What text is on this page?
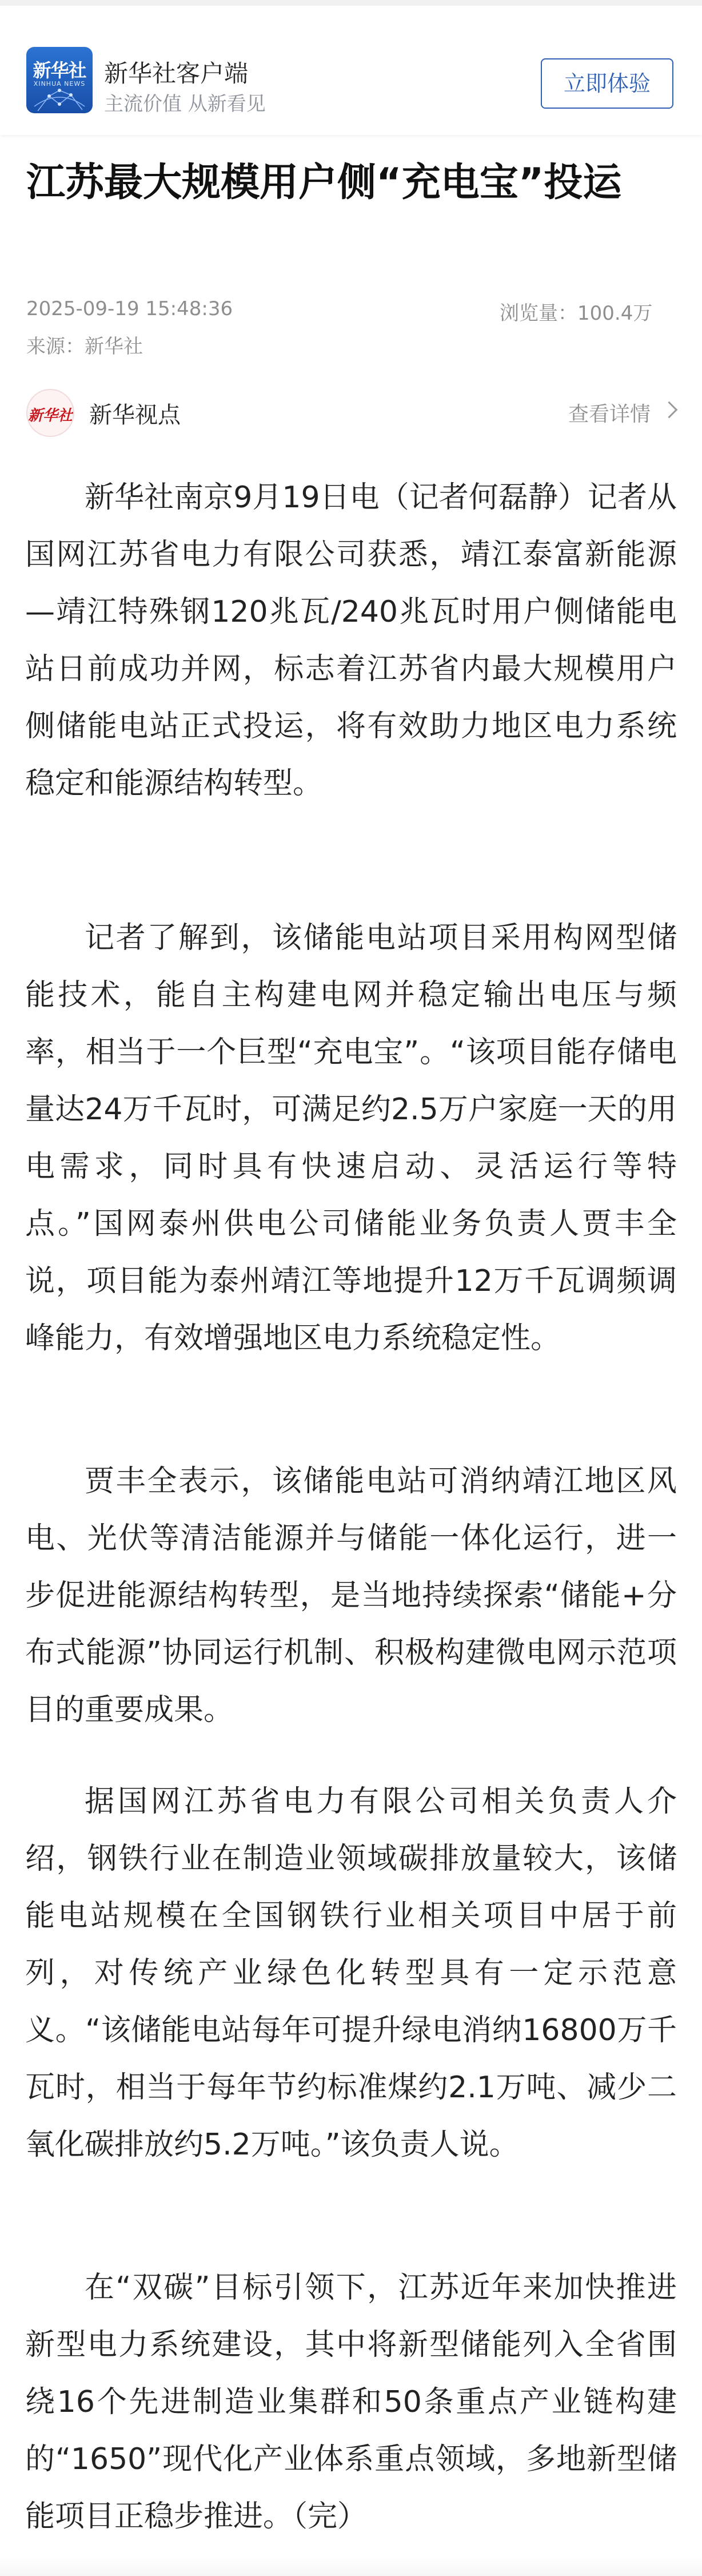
新华社
XINHUA NEWS 新华社客户端
主流价值 从新看见
立即体验
江苏最大规模用户侧“充电宝”投运
2025-09-19 15:48:36	浏览量：100.4万
来源：新华社
新华社 新华视点	查看详情

新华社南京9月19日电（记者何磊静）记者从国网江苏省电力有限公司获悉，靖江泰富新能源—靖江特殊钢120兆瓦/240兆瓦时用户侧储能电站日前成功并网，标志着江苏省内最大规模用户侧储能电站正式投运，将有效助力地区电力系统稳定和能源结构转型。

记者了解到，该储能电站项目采用构网型储能技术，能自主构建电网并稳定输出电压与频率，相当于一个巨型“充电宝”。“该项目能存储电量达24万千瓦时，可满足约2.5万户家庭一天的用电需求，同时具有快速启动、灵活运行等特点。”国网泰州供电公司储能业务负责人贾丰全说，项目能为泰州靖江等地提升12万千瓦调频调峰能力，有效增强地区电力系统稳定性。

贾丰全表示，该储能电站可消纳靖江地区风电、光伏等清洁能源并与储能一体化运行，进一步促进能源结构转型，是当地持续探索“储能+分布式能源”协同运行机制、积极构建微电网示范项目的重要成果。

据国网江苏省电力有限公司相关负责人介绍，钢铁行业在制造业领域碳排放量较大，该储能电站规模在全国钢铁行业相关项目中居于前列，对传统产业绿色化转型具有一定示范意义。“该储能电站每年可提升绿电消纳16800万千瓦时，相当于每年节约标准煤约2.1万吨、减少二氧化碳排放约5.2万吨。”该负责人说。

在“双碳”目标引领下，江苏近年来加快推进新型电力系统建设，其中将新型储能列入全省围绕16个先进制造业集群和50条重点产业链构建的“1650”现代化产业体系重点领域，多地新型储能项目正稳步推进。（完）
